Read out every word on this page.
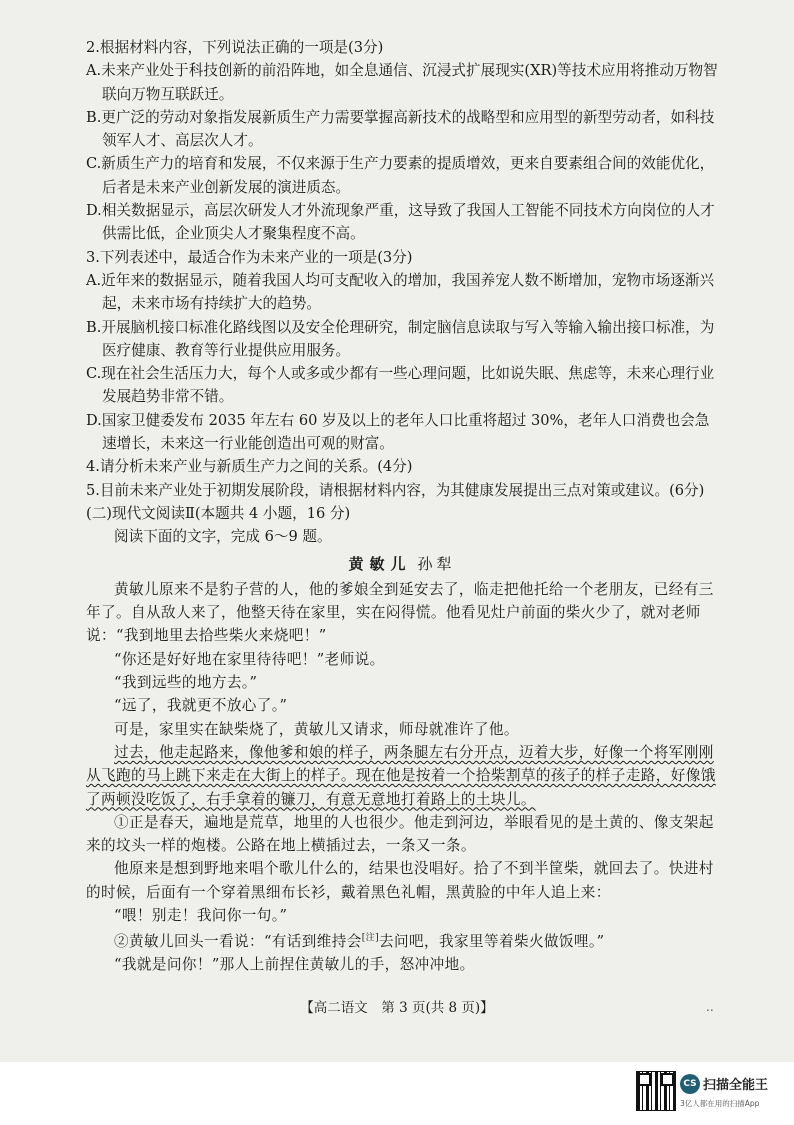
2.根据材料内容，下列说法正确的一项是(3分)

A.未来产业处于科技创新的前沿阵地，如全息通信、沉浸式扩展现实(XR)等技术应用将推动万物智联向万物互联跃迁。

B.更广泛的劳动对象指发展新质生产力需要掌握高新技术的战略型和应用型的新型劳动者，如科技领军人才、高层次人才。

C.新质生产力的培育和发展，不仅来源于生产力要素的提质增效，更来自要素组合间的效能优化，后者是未来产业创新发展的演进质态。

D.相关数据显示，高层次研发人才外流现象严重，这导致了我国人工智能不同技术方向岗位的人才供需比低，企业顶尖人才聚集程度不高。

3.下列表述中，最适合作为未来产业的一项是(3分)

A.近年来的数据显示，随着我国人均可支配收入的增加，我国养宠人数不断增加，宠物市场逐渐兴起，未来市场有持续扩大的趋势。

B.开展脑机接口标准化路线图以及安全伦理研究，制定脑信息读取与写入等输入输出接口标准，为医疗健康、教育等行业提供应用服务。

C.现在社会生活压力大，每个人或多或少都有一些心理问题，比如说失眠、焦虑等，未来心理行业发展趋势非常不错。

D.国家卫健委发布 2035 年左右 60 岁及以上的老年人口比重将超过 30%，老年人口消费也会急速增长，未来这一行业能创造出可观的财富。

4.请分析未来产业与新质生产力之间的关系。(4分)

5.目前未来产业处于初期发展阶段，请根据材料内容，为其健康发展提出三点对策或建议。(6分)

(二)现代文阅读Ⅱ(本题共 4 小题，16 分)

阅读下面的文字，完成 6～9 题。

黄敏儿 孙犁

黄敏儿原来不是豹子营的人，他的爹娘全到延安去了，临走把他托给一个老朋友，已经有三年了。自从敌人来了，他整天待在家里，实在闷得慌。他看见灶户前面的柴火少了，就对老师说：“我到地里去拾些柴火来烧吧！”

“你还是好好地在家里待待吧！”老师说。

“我到远些的地方去。”

“远了，我就更不放心了。”

可是，家里实在缺柴烧了，黄敏儿又请求，师母就准许了他。

过去，他走起路来，像他爹和娘的样子，两条腿左右分开点，迈着大步，好像一个将军刚刚从飞跑的马上跳下来走在大街上的样子。现在他是按着一个拾柴割草的孩子的样子走路，好像饿了两顿没吃饭了，右手拿着的镰刀，有意无意地打着路上的土块儿。

①正是春天，遍地是荒草，地里的人也很少。他走到河边，举眼看见的是土黄的、像支架起来的坟头一样的炮楼。公路在地上横插过去，一条又一条。

他原来是想到野地来唱个歌儿什么的，结果也没唱好。拾了不到半筐柴，就回去了。快进村的时候，后面有一个穿着黑细布长衫，戴着黑色礼帽，黑黄脸的中年人追上来：

“喂！别走！我问你一句。”

②黄敏儿回头一看说：“有话到维持会[注]去问吧，我家里等着柴火做饭哩。”

“我就是问你！”那人上前捏住黄敏儿的手，怒冲冲地。

【高二语文　第 3 页(共 8 页)】	..
CS 扫描全能王
3亿人都在用的扫描App
